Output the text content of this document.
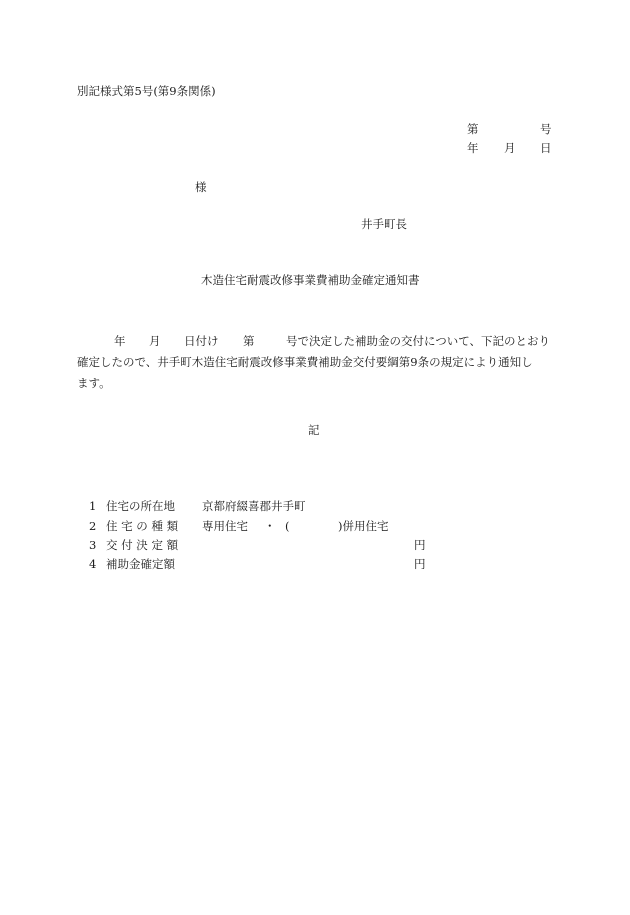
別記様式第5号(第9条関係)
第	号
年 月 日
様
井手町長
木造住宅耐震改修事業費補助金確定通知書
年 月 日付け 第	号で決定した補助金の交付について、下記のとおり
確定したので、井手町木造住宅耐震改修事業費補助金交付要綱第9条の規定により通知し
ます。
記
1 住宅の所在地 京都府綴喜郡井手町
2 住 宅 の 種 類 専用住宅 ・ (	)併用住宅
3 交 付 決 定 額	円
4 補助金確定額	円
